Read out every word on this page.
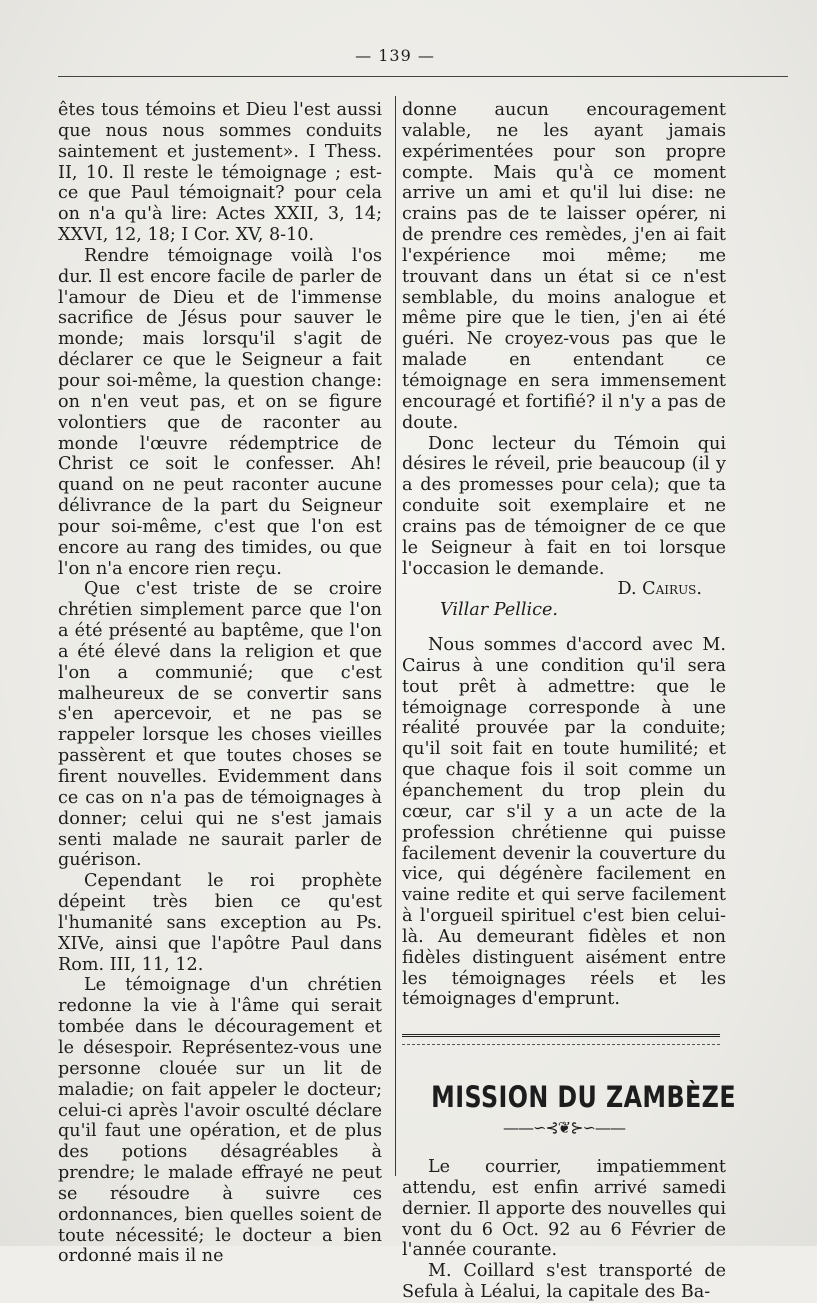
— 139 —

êtes tous témoins et Dieu l'est aussi que nous nous sommes conduits saintement et justement». I Thess. II, 10. Il reste le témoignage ; est-ce que Paul témoignait? pour cela on n'a qu'à lire: Actes XXII, 3, 14; XXVI, 12, 18; I Cor. XV, 8-10.

Rendre témoignage voilà l'os dur. Il est encore facile de parler de l'amour de Dieu et de l'immense sacrifice de Jésus pour sauver le monde; mais lorsqu'il s'agit de déclarer ce que le Seigneur a fait pour soi-même, la question change: on n'en veut pas, et on se figure volontiers que de raconter au monde l'œuvre rédemptrice de Christ ce soit le confesser. Ah! quand on ne peut raconter aucune délivrance de la part du Seigneur pour soi-même, c'est que l'on est encore au rang des timides, ou que l'on n'a encore rien reçu.

Que c'est triste de se croire chrétien simplement parce que l'on a été présenté au baptême, que l'on a été élevé dans la religion et que l'on a communié; que c'est malheureux de se convertir sans s'en apercevoir, et ne pas se rappeler lorsque les choses vieilles passèrent et que toutes choses se firent nouvelles. Evidemment dans ce cas on n'a pas de témoignages à donner; celui qui ne s'est jamais senti malade ne saurait parler de guérison.

Cependant le roi prophète dépeint très bien ce qu'est l'humanité sans exception au Ps. XIVe, ainsi que l'apôtre Paul dans Rom. III, 11, 12.

Le témoignage d'un chrétien redonne la vie à l'âme qui serait tombée dans le découragement et le désespoir. Représentez-vous une personne clouée sur un lit de maladie; on fait appeler le docteur; celui-ci après l'avoir osculté déclare qu'il faut une opération, et de plus des potions désagréables à prendre; le malade effrayé ne peut se résoudre à suivre ces ordonnances, bien quelles soient de toute nécessité; le docteur a bien ordonné mais il ne

donne aucun encouragement valable, ne les ayant jamais expérimentées pour son propre compte. Mais qu'à ce moment arrive un ami et qu'il lui dise: ne crains pas de te laisser opérer, ni de prendre ces remèdes, j'en ai fait l'expérience moi même; me trouvant dans un état si ce n'est semblable, du moins analogue et même pire que le tien, j'en ai été guéri. Ne croyez-vous pas que le malade en entendant ce témoignage en sera immensement encouragé et fortifié? il n'y a pas de doute.

Donc lecteur du Témoin qui désires le réveil, prie beaucoup (il y a des promesses pour cela); que ta conduite soit exemplaire et ne crains pas de témoigner de ce que le Seigneur à fait en toi lorsque l'occasion le demande.

D. Cairus.

Villar Pellice.

Nous sommes d'accord avec M. Cairus à une condition qu'il sera tout prêt à admettre: que le témoignage corresponde à une réalité prouvée par la conduite; qu'il soit fait en toute humilité; et que chaque fois il soit comme un épanchement du trop plein du cœur, car s'il y a un acte de la profession chrétienne qui puisse facilement devenir la couverture du vice, qui dégénère facilement en vaine redite et qui serve facilement à l'orgueil spirituel c'est bien celui-là. Au demeurant fidèles et non fidèles distinguent aisément entre les témoignages réels et les témoignages d'emprunt.

MISSION DU ZAMBÈZE
——∽⊰❦⊱∽——

Le courrier, impatiemment attendu, est enfin arrivé samedi dernier. Il apporte des nouvelles qui vont du 6 Oct. 92 au 6 Février de l'année courante.

M. Coillard s'est transporté de Sefula à Léalui, la capitale des Ba-
